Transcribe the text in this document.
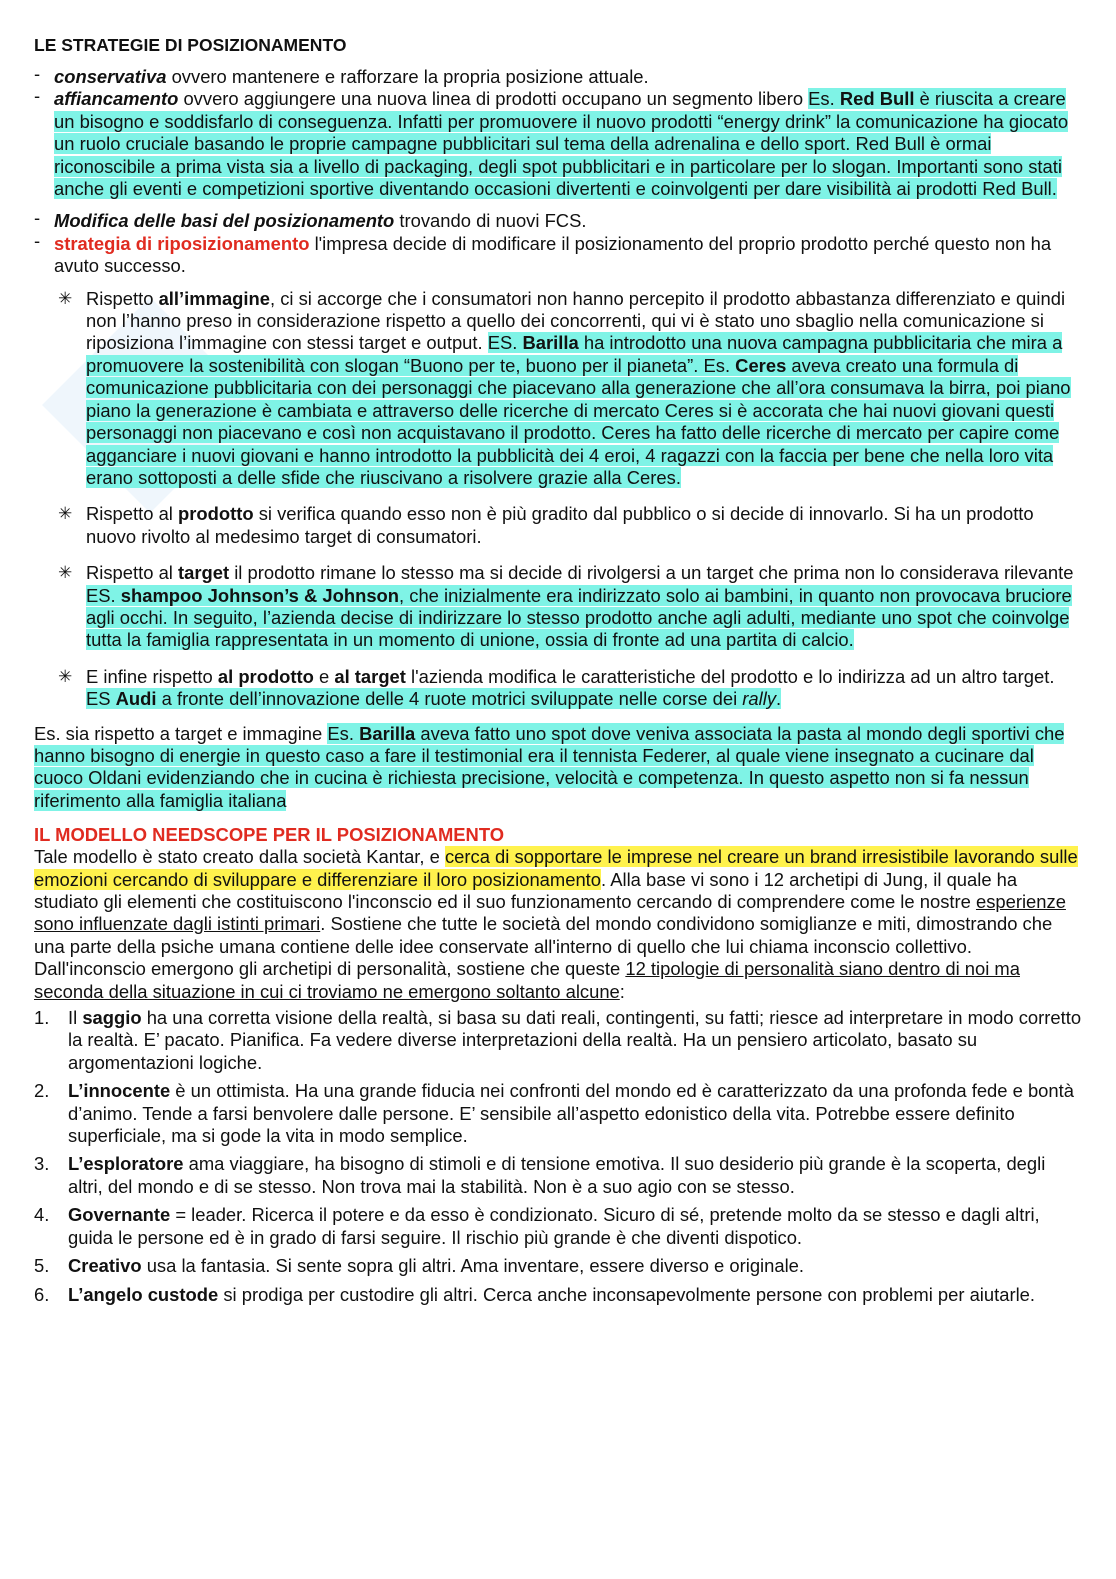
LE STRATEGIE DI POSIZIONAMENTO
- conservativa ovvero mantenere e rafforzare la propria posizione attuale.
- affiancamento ovvero aggiungere una nuova linea di prodotti occupano un segmento libero Es. Red Bull è riuscita a creare un bisogno e soddisfarlo di conseguenza. Infatti per promuovere il nuovo prodotti “energy drink” la comunicazione ha giocato un ruolo cruciale basando le proprie campagne pubblicitari sul tema della adrenalina e dello sport. Red Bull è ormai riconoscibile a prima vista sia a livello di packaging, degli spot pubblicitari e in particolare per lo slogan. Importanti sono stati anche gli eventi e competizioni sportive diventando occasioni divertenti e coinvolgenti per dare visibilità ai prodotti Red Bull.
- Modifica delle basi del posizionamento trovando di nuovi FCS.
- strategia di riposizionamento l'impresa decide di modificare il posizionamento del proprio prodotto perché questo non ha avuto successo.
✳ Rispetto all’immagine, ci si accorge che i consumatori non hanno percepito il prodotto abbastanza differenziato e quindi non l’hanno preso in considerazione rispetto a quello dei concorrenti, qui vi è stato uno sbaglio nella comunicazione si riposiziona l’immagine con stessi target e output. ES. Barilla ha introdotto una nuova campagna pubblicitaria che mira a promuovere la sostenibilità con slogan “Buono per te, buono per il pianeta”. Es. Ceres aveva creato una formula di comunicazione pubblicitaria con dei personaggi che piacevano alla generazione che all’ora consumava la birra, poi piano piano la generazione è cambiata e attraverso delle ricerche di mercato Ceres si è accorata che hai nuovi giovani questi personaggi non piacevano e così non acquistavano il prodotto. Ceres ha fatto delle ricerche di mercato per capire come agganciare i nuovi giovani e hanno introdotto la pubblicità dei 4 eroi, 4 ragazzi con la faccia per bene che nella loro vita erano sottoposti a delle sfide che riuscivano a risolvere grazie alla Ceres.
✳ Rispetto al prodotto si verifica quando esso non è più gradito dal pubblico o si decide di innovarlo. Si ha un prodotto nuovo rivolto al medesimo target di consumatori.
✳ Rispetto al target il prodotto rimane lo stesso ma si decide di rivolgersi a un target che prima non lo considerava rilevante ES. shampoo Johnson’s & Johnson, che inizialmente era indirizzato solo ai bambini, in quanto non provocava bruciore agli occhi. In seguito, l’azienda decise di indirizzare lo stesso prodotto anche agli adulti, mediante uno spot che coinvolge tutta la famiglia rappresentata in un momento di unione, ossia di fronte ad una partita di calcio.
✳ E infine rispetto al prodotto e al target l'azienda modifica le caratteristiche del prodotto e lo indirizza ad un altro target. ES Audi a fronte dell’innovazione delle 4 ruote motrici sviluppate nelle corse dei rally.

Es. sia rispetto a target e immagine Es. Barilla aveva fatto uno spot dove veniva associata la pasta al mondo degli sportivi che hanno bisogno di energie in questo caso a fare il testimonial era il tennista Federer, al quale viene insegnato a cucinare dal cuoco Oldani evidenziando che in cucina è richiesta precisione, velocità e competenza. In questo aspetto non si fa nessun riferimento alla famiglia italiana

IL MODELLO NEEDSCOPE PER IL POSIZIONAMENTO

Tale modello è stato creato dalla società Kantar, e cerca di sopportare le imprese nel creare un brand irresistibile lavorando sulle emozioni cercando di sviluppare e differenziare il loro posizionamento. Alla base vi sono i 12 archetipi di Jung, il quale ha studiato gli elementi che costituiscono l'inconscio ed il suo funzionamento cercando di comprendere come le nostre esperienze sono influenzate dagli istinti primari. Sostiene che tutte le società del mondo condividono somiglianze e miti, dimostrando che una parte della psiche umana contiene delle idee conservate all'interno di quello che lui chiama inconscio collettivo.

Dall'inconscio emergono gli archetipi di personalità, sostiene che queste 12 tipologie di personalità siano dentro di noi ma seconda della situazione in cui ci troviamo ne emergono soltanto alcune:

1. Il saggio ha una corretta visione della realtà, si basa su dati reali, contingenti, su fatti; riesce ad interpretare in modo corretto la realtà. E’ pacato. Pianifica. Fa vedere diverse interpretazioni della realtà. Ha un pensiero articolato, basato su argomentazioni logiche.
2. L’innocente è un ottimista. Ha una grande fiducia nei confronti del mondo ed è caratterizzato da una profonda fede e bontà d’animo. Tende a farsi benvolere dalle persone. E’ sensibile all’aspetto edonistico della vita. Potrebbe essere definito superficiale, ma si gode la vita in modo semplice.
3. L’esploratore ama viaggiare, ha bisogno di stimoli e di tensione emotiva. Il suo desiderio più grande è la scoperta, degli altri, del mondo e di se stesso. Non trova mai la stabilità. Non è a suo agio con se stesso.
4. Governante = leader. Ricerca il potere e da esso è condizionato. Sicuro di sé, pretende molto da se stesso e dagli altri, guida le persone ed è in grado di farsi seguire. Il rischio più grande è che diventi dispotico.
5. Creativo usa la fantasia. Si sente sopra gli altri. Ama inventare, essere diverso e originale.
6. L’angelo custode si prodiga per custodire gli altri. Cerca anche inconsapevolmente persone con problemi per aiutarle.
